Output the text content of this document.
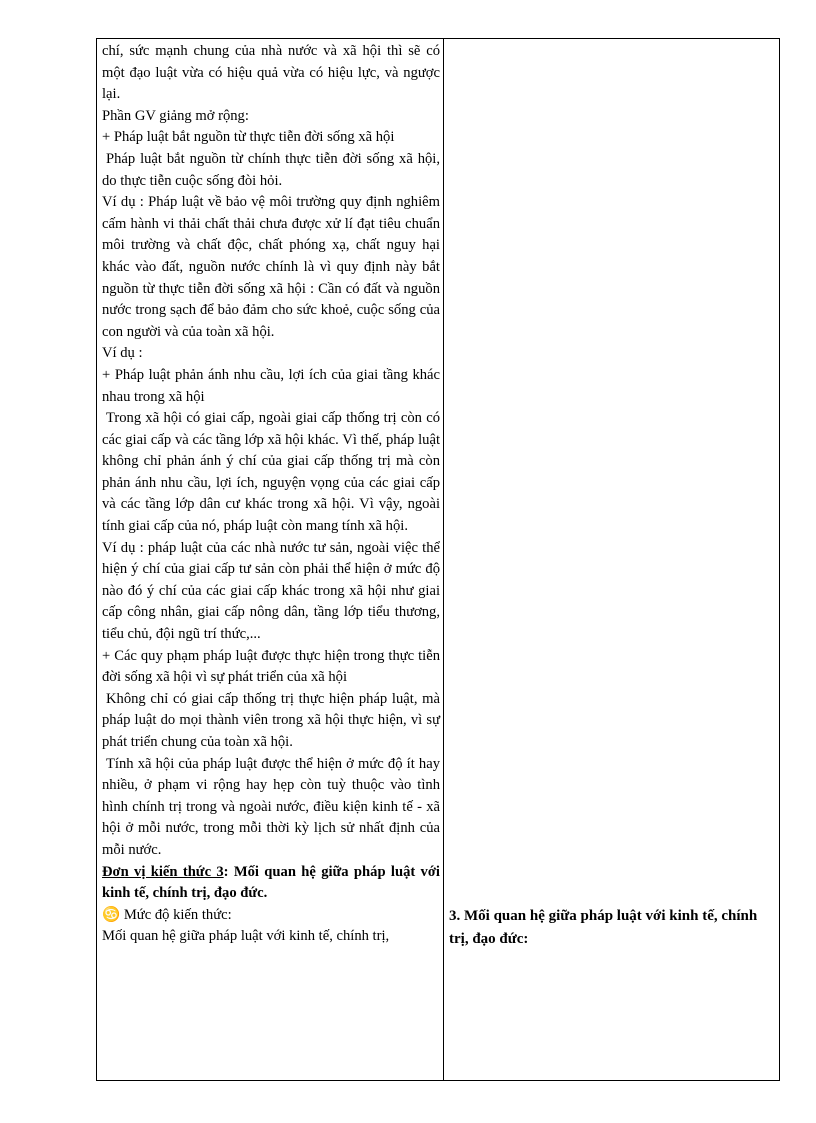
chí, sức mạnh chung của nhà nước và xã hội thì sẽ có một đạo luật vừa có hiệu quả vừa có hiệu lực, và ngược lại.

Phần GV giảng mở rộng:

+ Pháp luật bắt nguồn từ thực tiễn đời sống xã hội

Pháp luật bắt nguồn từ chính thực tiễn đời sống xã hội, do thực tiễn cuộc sống đòi hỏi.

Ví dụ : Pháp luật về bảo vệ môi trường quy định nghiêm cấm hành vi thải chất thải chưa được xử lí đạt tiêu chuẩn môi trường và chất độc, chất phóng xạ, chất nguy hại khác vào đất, nguồn nước chính là vì quy định này bắt nguồn từ thực tiễn đời sống xã hội : Cần có đất và nguồn nước trong sạch để bảo đảm cho sức khoẻ, cuộc sống của con người và của toàn xã hội.

Ví dụ :

+ Pháp luật phản ánh nhu cầu, lợi ích của giai tầng khác nhau trong xã hội

Trong xã hội có giai cấp, ngoài giai cấp thống trị còn có các giai cấp và các tầng lớp xã hội khác. Vì thế, pháp luật không chỉ phản ánh ý chí của giai cấp thống trị mà còn phản ánh nhu cầu, lợi ích, nguyện vọng của các giai cấp và các tầng lớp dân cư khác trong xã hội. Vì vậy, ngoài tính giai cấp của nó, pháp luật còn mang tính xã hội.

Ví dụ : pháp luật của các nhà nước tư sản, ngoài việc thể hiện ý chí của giai cấp tư sản còn phải thể hiện ở mức độ nào đó ý chí của các giai cấp khác trong xã hội như giai cấp công nhân, giai cấp nông dân, tầng lớp tiểu thương, tiểu chủ, đội ngũ trí thức,...

+ Các quy phạm pháp luật được thực hiện trong thực tiễn đời sống xã hội vì sự phát triển của xã hội

Không chỉ có giai cấp thống trị thực hiện pháp luật, mà pháp luật do mọi thành viên trong xã hội thực hiện, vì sự phát triển chung của toàn xã hội.

Tính xã hội của pháp luật được thể hiện ở mức độ ít hay nhiều, ở phạm vi rộng hay hẹp còn tuỳ thuộc vào tình hình chính trị trong và ngoài nước, điều kiện kinh tế - xã hội ở mỗi nước, trong mỗi thời kỳ lịch sử nhất định của mỗi nước.

Đơn vị kiến thức 3: Mối quan hệ giữa pháp luật với kinh tế, chính trị, đạo đức.

♋ Mức độ kiến thức:

Mối quan hệ giữa pháp luật với kinh tế, chính trị,

3. Mối quan hệ giữa pháp luật với kinh tế, chính trị, đạo đức:
